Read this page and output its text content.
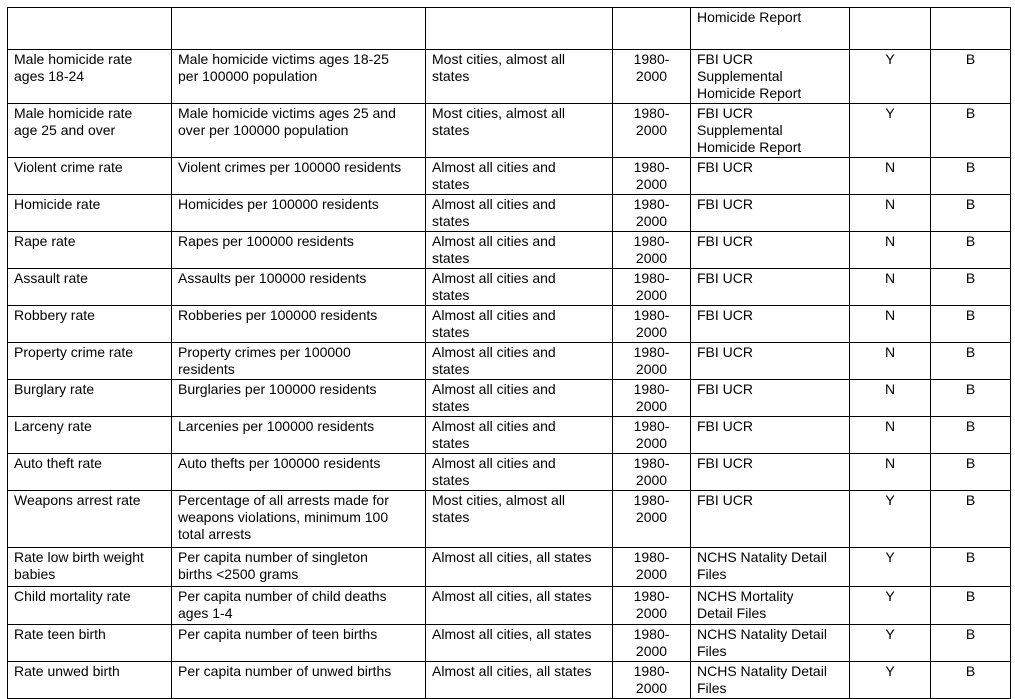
				Homicide Report		
Male homicide rate
ages 18-24	Male homicide victims ages 18-25
per 100000 population	Most cities, almost all
states	1980-
2000	FBI UCR
Supplemental
Homicide Report	Y	B
Male homicide rate
age 25 and over	Male homicide victims ages 25 and
over per 100000 population	Most cities, almost all
states	1980-
2000	FBI UCR
Supplemental
Homicide Report	Y	B
Violent crime rate	Violent crimes per 100000 residents	Almost all cities and
states	1980-
2000	FBI UCR	N	B
Homicide rate	Homicides per 100000 residents	Almost all cities and
states	1980-
2000	FBI UCR	N	B
Rape rate	Rapes per 100000 residents	Almost all cities and
states	1980-
2000	FBI UCR	N	B
Assault rate	Assaults per 100000 residents	Almost all cities and
states	1980-
2000	FBI UCR	N	B
Robbery rate	Robberies per 100000 residents	Almost all cities and
states	1980-
2000	FBI UCR	N	B
Property crime rate	Property crimes per 100000
residents	Almost all cities and
states	1980-
2000	FBI UCR	N	B
Burglary rate	Burglaries per 100000 residents	Almost all cities and
states	1980-
2000	FBI UCR	N	B
Larceny rate	Larcenies per 100000 residents	Almost all cities and
states	1980-
2000	FBI UCR	N	B
Auto theft rate	Auto thefts per 100000 residents	Almost all cities and
states	1980-
2000	FBI UCR	N	B
Weapons arrest rate	Percentage of all arrests made for
weapons violations, minimum 100
total arrests	Most cities, almost all
states	1980-
2000	FBI UCR	Y	B
Rate low birth weight
babies	Per capita number of singleton
births <2500 grams	Almost all cities, all states	1980-
2000	NCHS Natality Detail
Files	Y	B
Child mortality rate	Per capita number of child deaths
ages 1-4	Almost all cities, all states	1980-
2000	NCHS Mortality
Detail Files	Y	B
Rate teen birth	Per capita number of teen births	Almost all cities, all states	1980-
2000	NCHS Natality Detail
Files	Y	B
Rate unwed birth	Per capita number of unwed births	Almost all cities, all states	1980-
2000	NCHS Natality Detail
Files	Y	B
